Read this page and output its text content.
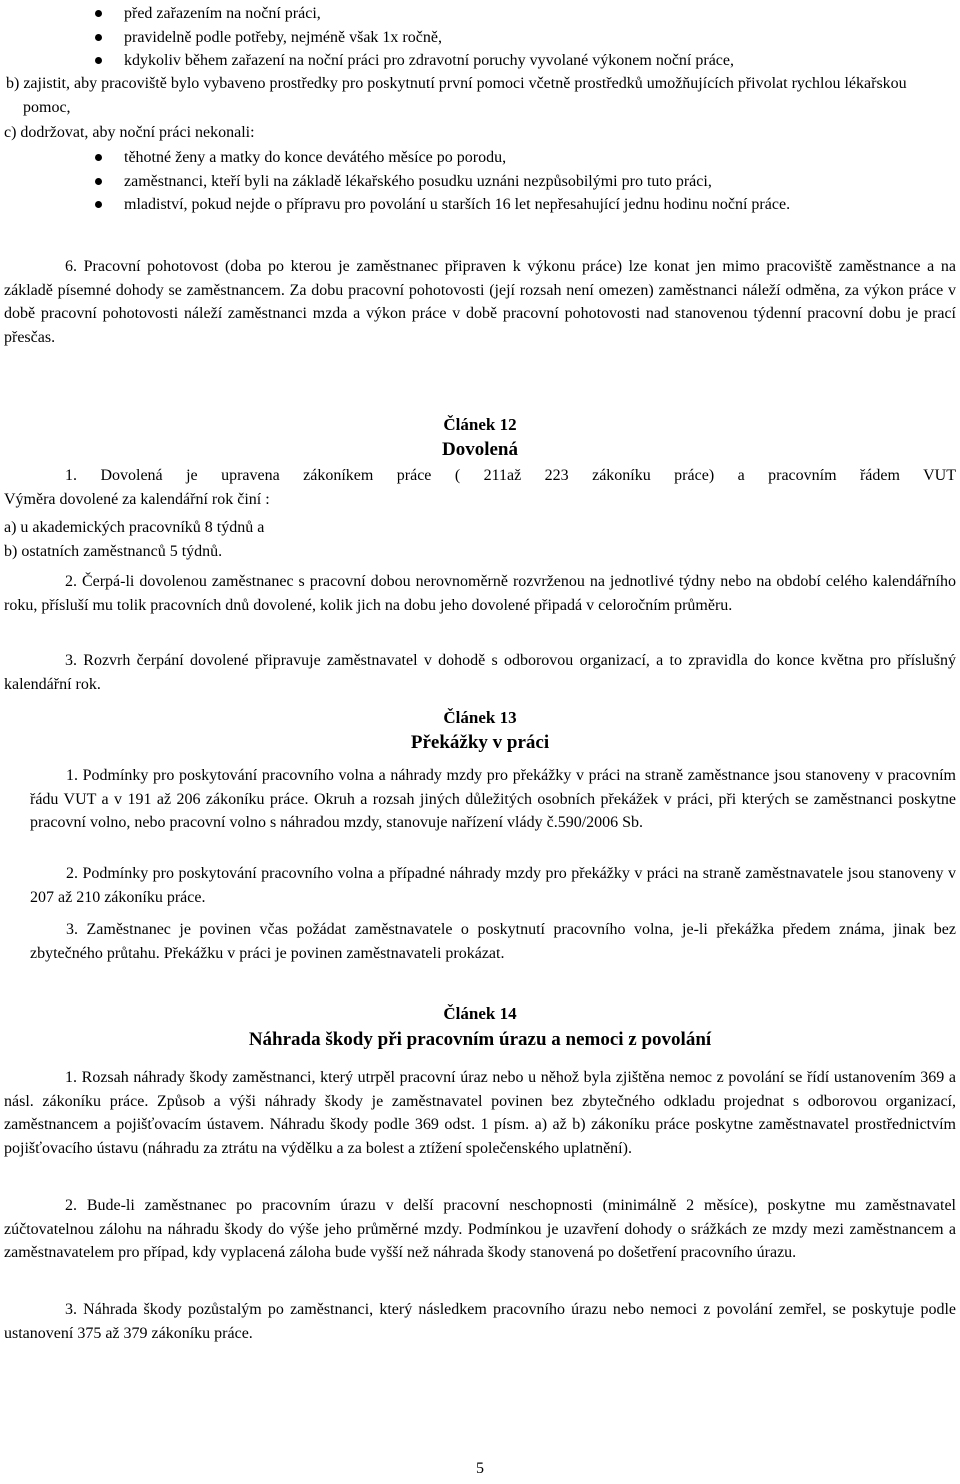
před zařazením na noční práci,

pravidelně podle potřeby, nejméně však 1x ročně,

kdykoliv během zařazení na noční práci pro zdravotní poruchy vyvolané výkonem noční práce,

b) zajistit, aby pracoviště bylo vybaveno prostředky pro poskytnutí první pomoci včetně prostředků umožňujících přivolat rychlou lékařskou pomoc,

c) dodržovat, aby noční práci nekonali:

těhotné ženy a matky do konce devátého měsíce po porodu,

zaměstnanci, kteří byli na základě lékařského posudku uznáni nezpůsobilými pro tuto práci,

mladiství, pokud nejde o přípravu pro povolání u starších 16 let nepřesahující jednu hodinu noční práce.

6. Pracovní pohotovost (doba po kterou je zaměstnanec připraven k výkonu práce) lze konat jen mimo pracoviště zaměstnance a na základě písemné dohody se zaměstnancem. Za dobu pracovní pohotovosti (její rozsah není omezen) zaměstnanci náleží odměna, za výkon práce v době pracovní pohotovosti náleží zaměstnanci mzda a výkon práce v době pracovní pohotovosti nad stanovenou týdenní pracovní dobu je prací přesčas.

Článek 12
Dovolená
1. Dovolená je upravena zákoníkem práce ( 211až 223 zákoníku práce) a pracovním řádem VUT
Výměra dovolené za kalendářní rok činí :
a) u akademických pracovníků 8 týdnů a
b) ostatních zaměstnanců 5 týdnů.
2. Čerpá-li dovolenou zaměstnanec s pracovní dobou nerovnoměrně rozvrženou na jednotlivé týdny nebo na období celého kalendářního roku, přísluší mu tolik pracovních dnů dovolené, kolik jich na dobu jeho dovolené připadá v celoročním průměru.
3. Rozvrh čerpání dovolené připravuje zaměstnavatel v dohodě s odborovou organizací, a to zpravidla do konce května pro příslušný kalendářní rok.
Článek 13
Překážky v práci
1. Podmínky pro poskytování pracovního volna a náhrady mzdy pro překážky v práci na straně zaměstnance jsou stanoveny v pracovním řádu VUT a v 191 až 206 zákoníku práce. Okruh a rozsah jiných důležitých osobních překážek v práci, při kterých se zaměstnanci poskytne pracovní volno, nebo pracovní volno s náhradou mzdy, stanovuje nařízení vlády č.590/2006 Sb.
2. Podmínky pro poskytování pracovního volna a případné náhrady mzdy pro překážky v práci na straně zaměstnavatele jsou stanoveny v 207 až 210 zákoníku práce.
3. Zaměstnanec je povinen včas požádat zaměstnavatele o poskytnutí pracovního volna, je-li překážka předem známa, jinak bez zbytečného průtahu. Překážku v práci je povinen zaměstnavateli prokázat.
Článek 14
Náhrada škody při pracovním úrazu a nemoci z povolání
1. Rozsah náhrady škody zaměstnanci, který utrpěl pracovní úraz nebo u něhož byla zjištěna nemoc z povolání se řídí ustanovením 369 a násl. zákoníku práce. Způsob a výši náhrady škody je zaměstnavatel povinen bez zbytečného odkladu projednat s odborovou organizací, zaměstnancem a pojišťovacím ústavem. Náhradu škody podle 369 odst. 1 písm. a) až b) zákoníku práce poskytne zaměstnavatel prostřednictvím pojišťovacího ústavu (náhradu za ztrátu na výdělku a za bolest a ztížení společenského uplatnění).
2. Bude-li zaměstnanec po pracovním úrazu v delší pracovní neschopnosti (minimálně 2 měsíce), poskytne mu zaměstnavatel zúčtovatelnou zálohu na náhradu škody do výše jeho průměrné mzdy. Podmínkou je uzavření dohody o srážkách ze mzdy mezi zaměstnancem a zaměstnavatelem pro případ, kdy vyplacená záloha bude vyšší než náhrada škody stanovená po došetření pracovního úrazu.
3. Náhrada škody pozůstalým po zaměstnanci, který následkem pracovního úrazu nebo nemoci z povolání zemřel, se poskytuje podle ustanovení 375 až 379 zákoníku práce.
5
